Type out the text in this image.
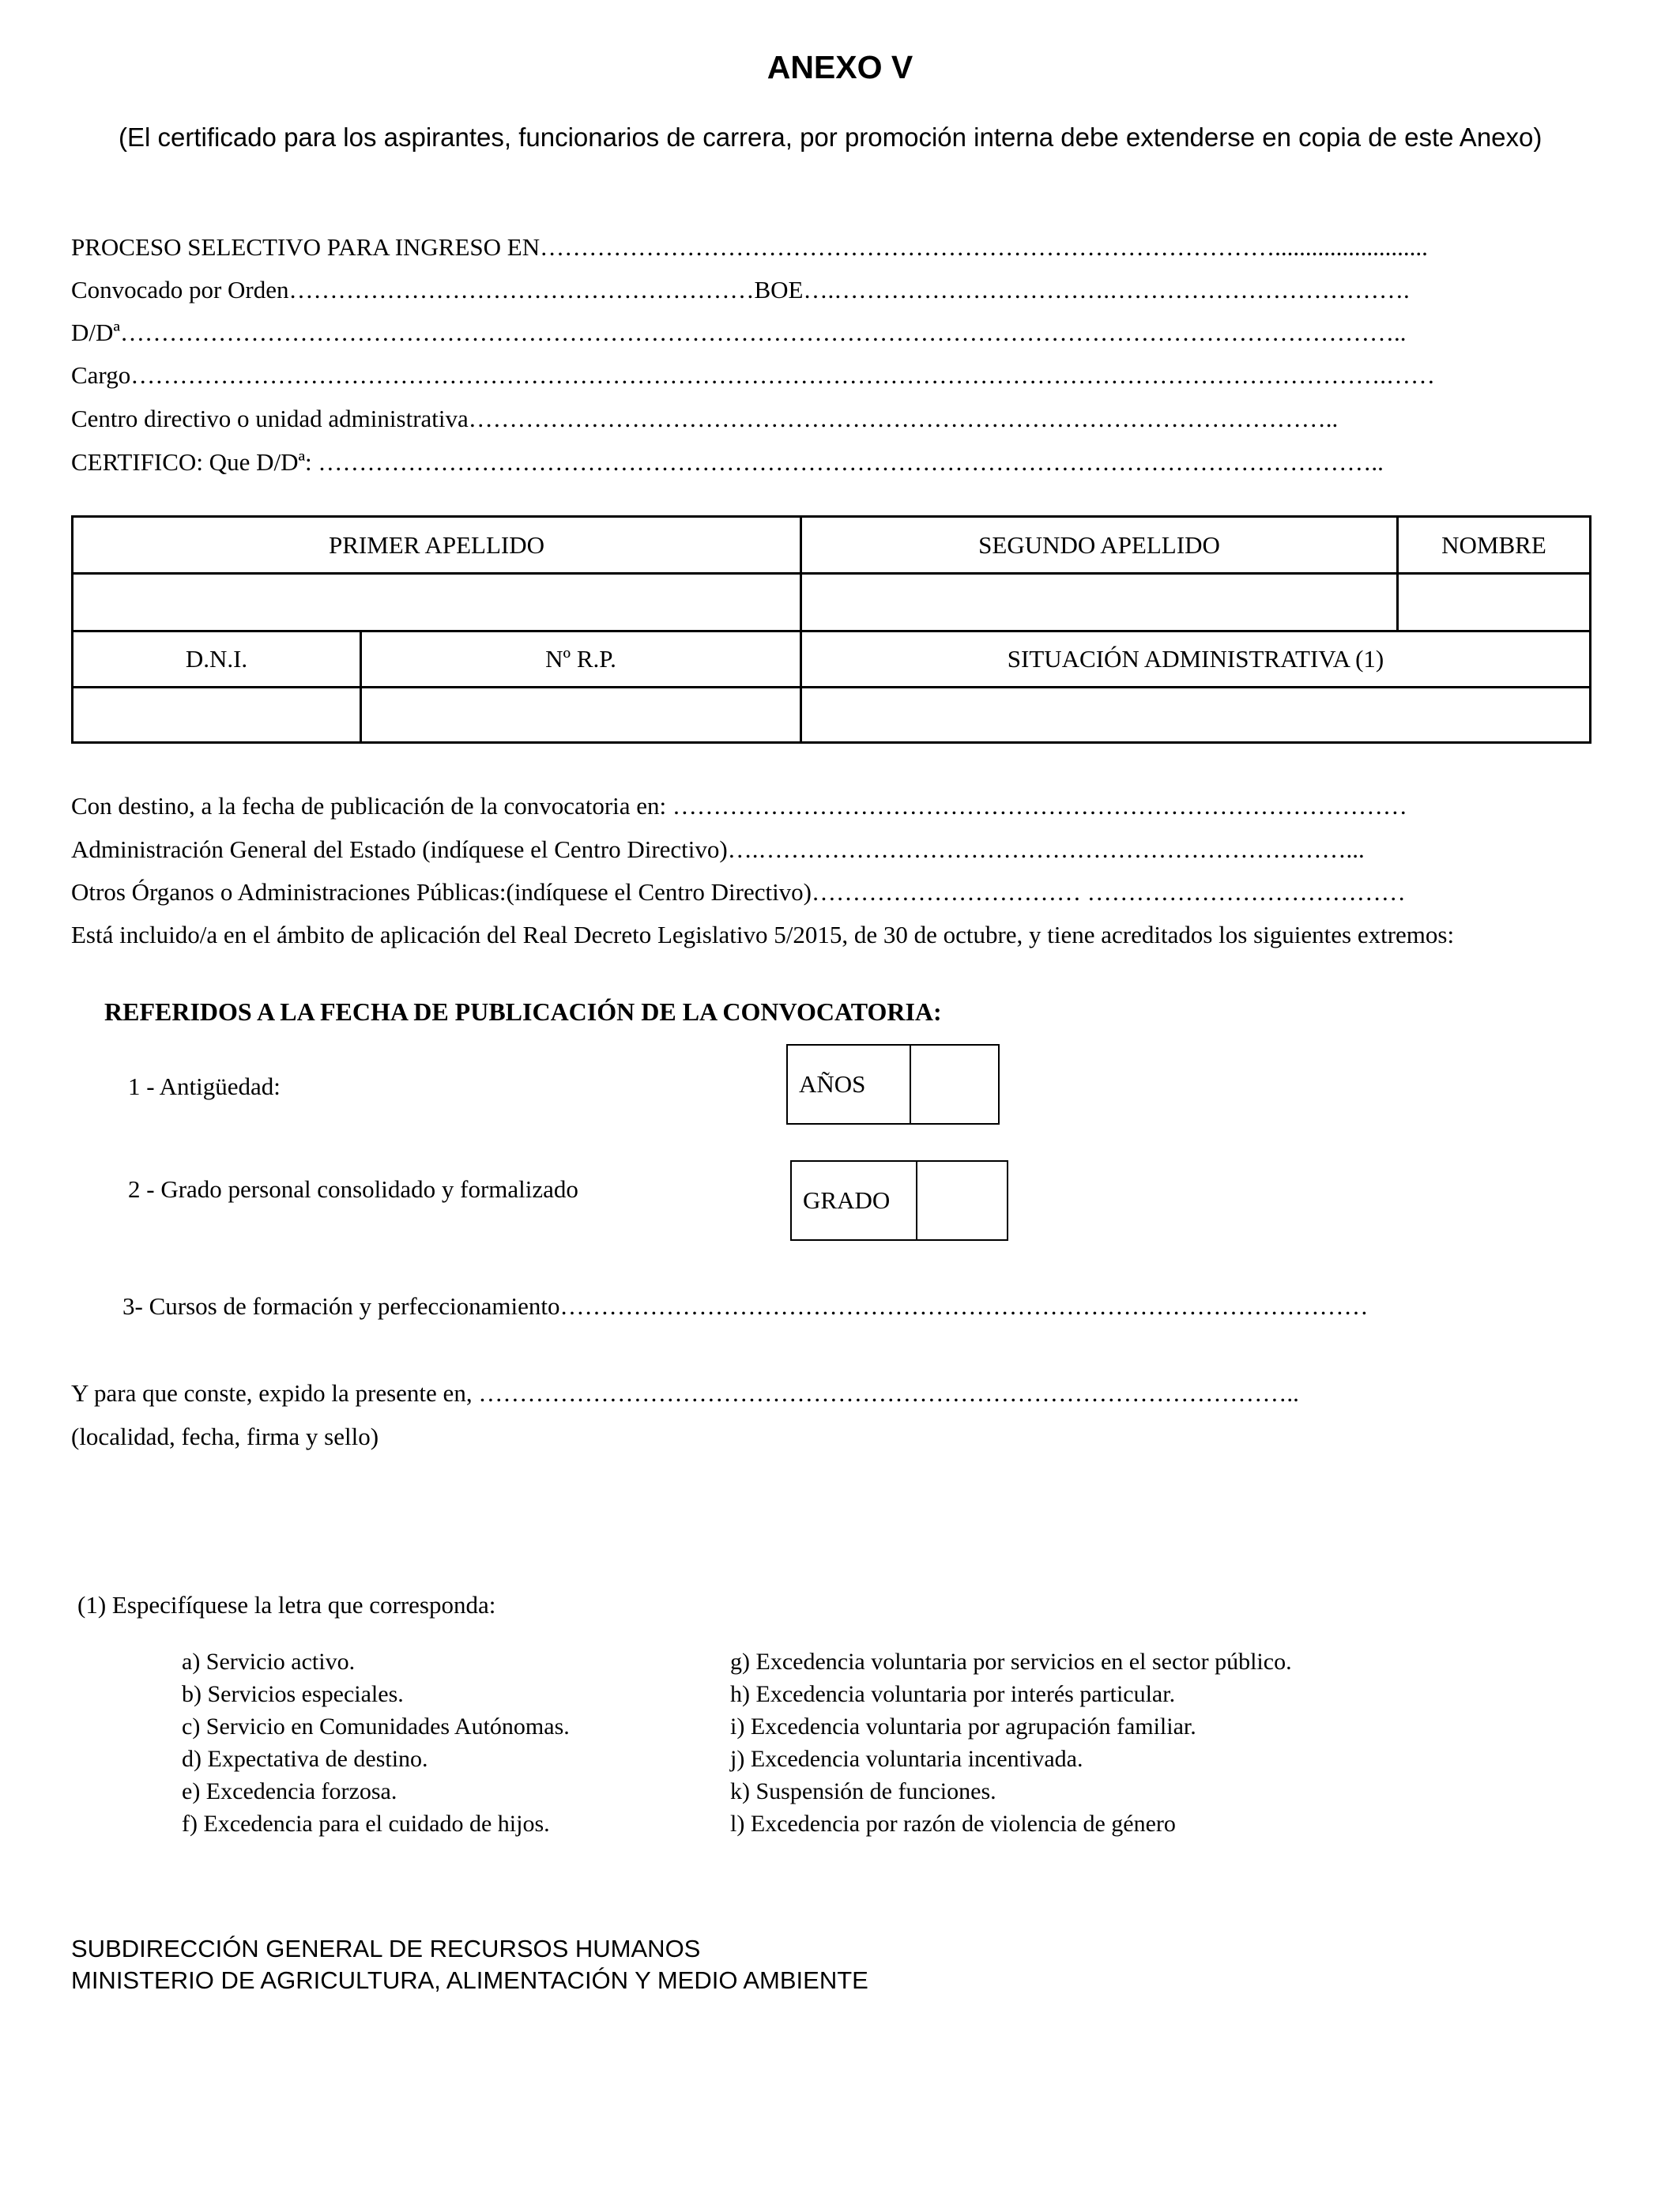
ANEXO V
(El certificado para los aspirantes, funcionarios de carrera, por promoción interna debe extenderse en copia de este Anexo)
PROCESO SELECTIVO PARA INGRESO EN……………………………………………………………………………….........................
Convocado por Orden…………………………………………………BOE….…………………………….……………………………….
D/Dª…………………………………………………………………………………………………………………………………………..
Cargo……………………………………………………………………………………………………………………………………….……
Centro directivo o unidad administrativa……………………………………………………………………………………………..
CERTIFICO: Que D/Dª: …………………………………………………………………………………………………………………..
PRIMER APELLIDO	SEGUNDO APELLIDO	NOMBRE

D.N.I.	Nº R.P.	SITUACIÓN ADMINISTRATIVA (1)

Con destino, a la fecha de publicación de la convocatoria en: ………………………………………………………………………………
Administración General del Estado (indíquese el Centro Directivo)….………………………………………………………………...
Otros Órganos o Administraciones Públicas:(indíquese el Centro Directivo)…………………………… …………………………………
Está incluido/a en el ámbito de aplicación del Real Decreto Legislativo 5/2015, de 30 de octubre, y tiene acreditados los siguientes extremos:
REFERIDOS A LA FECHA DE PUBLICACIÓN DE LA CONVOCATORIA:
1 - Antigüedad:	AÑOS
2 - Grado personal consolidado y formalizado	GRADO
3- Cursos de formación y perfeccionamiento………………………………………………………………………………………
Y para que conste, expido la presente en, ………………………………………………………………………………………..
(localidad, fecha, firma y sello)
(1) Especifíquese la letra que corresponda:
a) Servicio activo.
b) Servicios especiales.
c) Servicio en Comunidades Autónomas.
d) Expectativa de destino.
e) Excedencia forzosa.
f) Excedencia para el cuidado de hijos.
g) Excedencia voluntaria por servicios en el sector público.
h) Excedencia voluntaria por interés particular.
i) Excedencia voluntaria por agrupación familiar.
j) Excedencia voluntaria incentivada.
k) Suspensión de funciones.
l) Excedencia por razón de violencia de género
SUBDIRECCIÓN GENERAL DE RECURSOS HUMANOS
MINISTERIO DE AGRICULTURA, ALIMENTACIÓN Y MEDIO AMBIENTE
